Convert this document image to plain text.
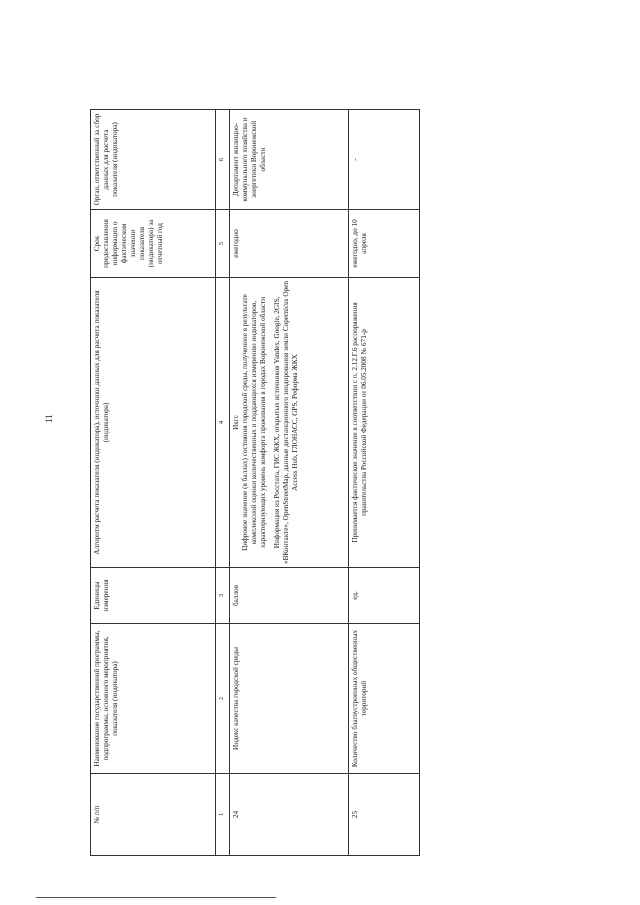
11
№ п/п	Наименование государственной программы, подпрограммы, основного мероприятия, показателя (индикатора)	Единицы измерения	Алгоритм расчета показателя (индикатора), источники данных для расчета показателя (индикатора)	Срок предоставления информации о фактическом значении показателя (индикатора) за отчетный год	Орган, ответственный за сбор данных для расчета показателя (индикатора)
1	2	3	4	5	6
24	Индекс качества городской среды	баллов	Икгс Цифровое значение (в баллах) состояния городской среды, полученное в результате комплексной оценки количественных и поддающихся измерению индикаторов, характеризующих уровень комфорта проживания в городах Воронежской области Информация из Росстата, ГИС ЖКХ, открытых источников Yandex, Google, 2GIS, «ВКонтакте», OpenStreetMap, данные дистанционного зондирования земли Copernicus Open Access Hub, ГЛОНАСС, GPS, Реформа ЖКХ	ежегодно	Департамент жилищно-коммунального хозяйства и энергетики Воронежской области
25	Количество благоустроенных общественных территорий	ед.	Принимается фактическое значение в соответствии с п. 2.12.Г.6 распоряжения правительства Российской Федерации от 06.05.2008 № 671-р	ежегодно, до 10 апреля	-
